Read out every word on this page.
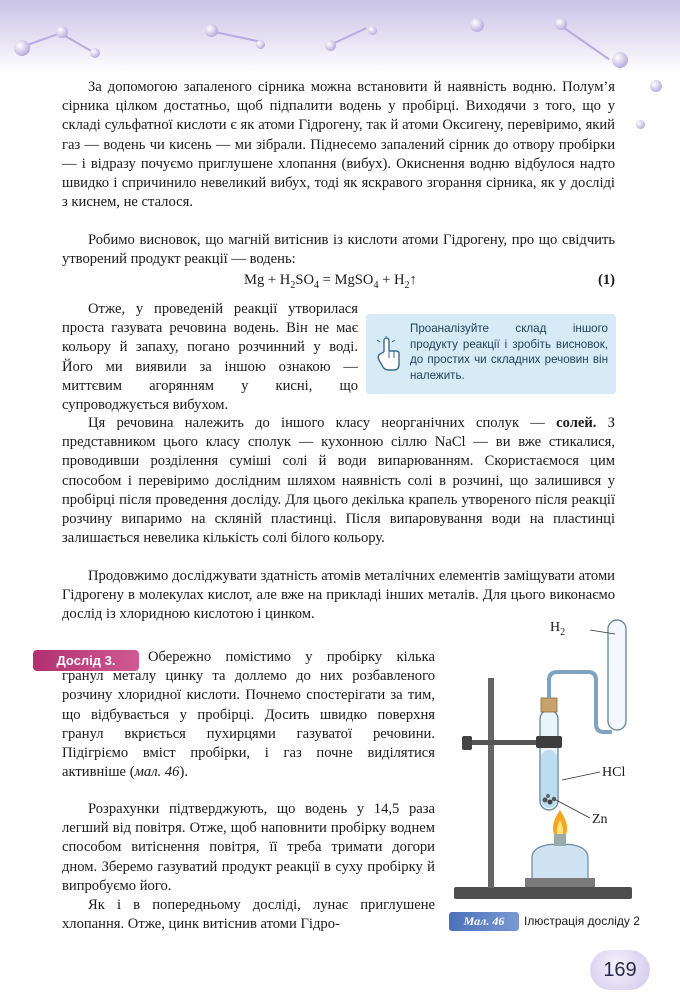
За допомогою запаленого сірника можна встановити й наявність водню. Полум’я сірника цілком достатньо, щоб підпалити водень у пробірці. Виходячи з того, що у складі сульфатної кислоти є як атоми Гідрогену, так й атоми Оксигену, перевіримо, який газ — водень чи кисень — ми зібрали. Піднесемо запалений сірник до отвору пробірки — і відразу почуємо приглушене хлопання (вибух). Окиснення водню відбулося надто швидко і спричинило невеликий вибух, тоді як яскравого згорання сірника, як у досліді з киснем, не сталося.

Робимо висновок, що магній витіснив із кислоти атоми Гідрогену, про що свідчить утворений продукт реакції — водень:

$Mg + H_2SO_4$ = MgSO$_4$ + $H_2↑$	(1)

Отже, у проведеній реакції утворилася проста газувата речовина водень. Він не має кольору й запаху, погано розчинний у воді. Його ми виявили за іншою ознакою — миттєвим агорянням у кисні, що супроводжується вибухом.

Проаналізуйте склад іншого продукту реакції і зробіть висновок, до простих чи складних речовин він належить.

Ця речовина належить до іншого класу неорганічних сполук — солей. З представником цього класу сполук — кухонною сіллю NaCl — ви вже стикалися, проводивши розділення суміші солі й води випарюванням. Скористаємося цим способом і перевіримо дослідним шляхом наявність солі в розчині, що залишився у пробірці після проведення досліду. Для цього декілька крапель утвореного після реакції розчину випаримо на скляній пластинці. Після випаровування води на пластинці залишається невелика кількість солі білого кольору.

Продовжимо досліджувати здатність атомів металічних елементів заміщувати атоми Гідрогену в молекулах кислот, але вже на прикладі інших металів. Для цього виконаємо дослід із хлоридною кислотою і цинком.

Дослід 3.	Обережно помістимо у пробірку кілька гранул металу цинку та доллемо до них розбавленого розчину хлоридної кислоти. Почнемо спостерігати за тим, що відбувається у пробірці. Досить швидко поверхня гранул вкриється пухирцями газуватої речовини. Підігріємо вміст пробірки, і газ почне виділятися активніше (мал. 46).

Розрахунки підтверджують, що водень у 14,5 раза легший від повітря. Отже, щоб наповнити пробірку воднем способом витіснення повітря, її треба тримати догори дном. Зберемо газуватий продукт реакції в суху пробірку й випробуємо його.

Як і в попередньому досліді, лунає приглушене хлопання. Отже, цинк витіснив атоми Гідро-

$H_2$
HCl
Zn
Мал. 46	Ілюстрація досліду 2
169
